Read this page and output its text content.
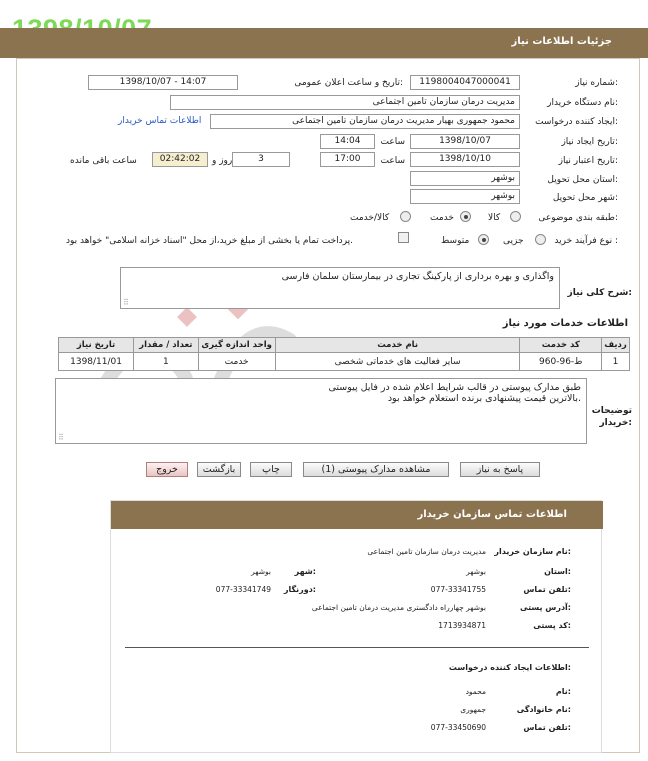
جزئیات اطلاعات نیاز
شماره نیاز:
1198004047000041
تاریخ و ساعت اعلان عمومی:
1398/10/07 - 14:07
نام دستگاه خریدار:
مدیریت درمان سازمان تامین اجتماعی
ایجاد کننده درخواست:
محمود جمهوری بهیار مدیریت درمان سازمان تامین اجتماعی
اطلاعات تماس خریدار
تاریخ ایجاد نیاز:
1398/10/07
ساعت
14:04
تاریخ اعتبار نیاز:
1398/10/10
ساعت
17:00
3
روز و
02:42:02
ساعت باقی مانده
استان محل تحویل:
بوشهر
شهر محل تحویل:
بوشهر
طبقه بندی موضوعی:
کالا
خدمت
کالا/خدمت
نوع فرآیند خرید :
جزیی
متوسط
پرداخت تمام یا بخشی از مبلغ خرید،از محل "اسناد خزانه اسلامی" خواهد بود.
شرح کلی نیاز:
واگذاری و بهره برداری از پارکینگ تجاری در بیمارستان سلمان فارسی
⠿
اطلاعات خدمات مورد نیاز
تاریخ نیاز	تعداد / مقدار	واحد اندازه گیری	نام خدمت	کد خدمت	ردیف
1398/11/01	1	خدمت	سایر فعالیت های خدماتی شخصی	ط-96-960	1
توضیحات خریدار:
طبق مدارک پیوستی در قالب شرایط اعلام شده در فایل پیوستی
بالاترین قیمت پیشنهادی برنده استعلام خواهد بود.
⠿
پاسخ به نیاز
مشاهده مدارک پیوستی (1)
چاپ
بازگشت
خروج
اطلاعات تماس سازمان خریدار
نام سازمان خریدار:
مدیریت درمان سازمان تامین اجتماعی
استان:
بوشهر
شهر:
بوشهر
تلفن تماس:
077-33341755
دورنگار:
077-33341749
آدرس پستی:
بوشهر چهارراه دادگستری مدیریت درمان تامین اجتماعی
کد پستی:
1713934871
اطلاعات ایجاد کننده درخواست:
نام:
محمود
نام خانوادگی:
جمهوری
تلفن تماس:
077-33450690
